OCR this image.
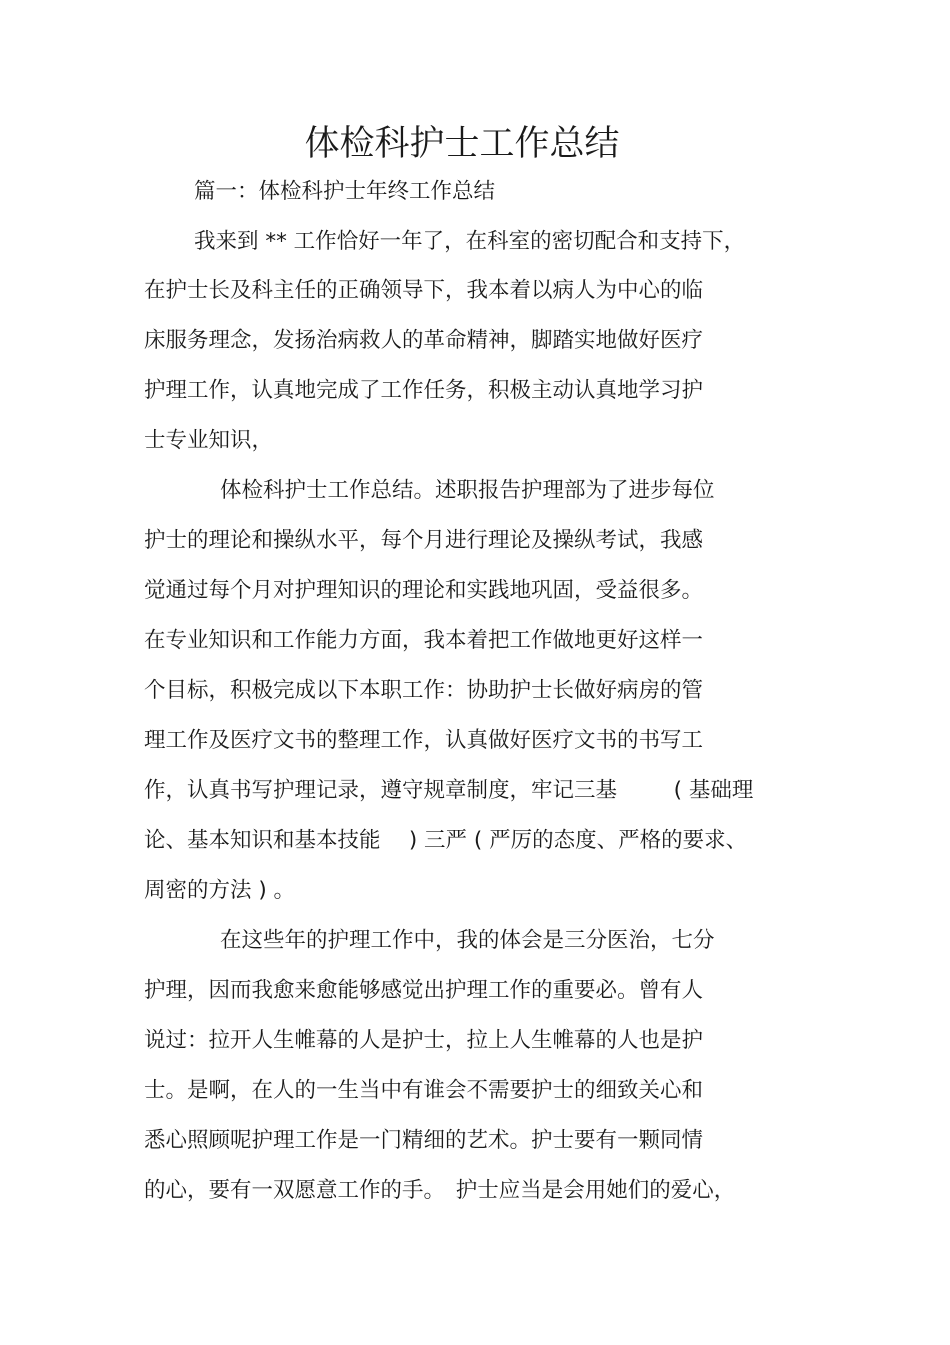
体检科护士工作总结

篇一：体检科护士年终工作总结

我来到 ** 工作恰好一年了，在科室的密切配合和支持下，

在护士长及科主任的正确领导下，我本着以病人为中心的临

床服务理念，发扬治病救人的革命精神，脚踏实地做好医疗

护理工作，认真地完成了工作任务，积极主动认真地学习护

士专业知识，

体检科护士工作总结。述职报告护理部为了进步每位

护士的理论和操纵水平，每个月进行理论及操纵考试，我感

觉通过每个月对护理知识的理论和实践地巩固，受益很多。

在专业知识和工作能力方面，我本着把工作做地更好这样一

个目标，积极完成以下本职工作：协助护士长做好病房的管

理工作及医疗文书的整理工作，认真做好医疗文书的书写工

作，认真书写护理记录，遵守规章制度，牢记三基　　  ( 基础理

论、基本知识和基本技能　 ) 三严 ( 严厉的态度、严格的要求、

周密的方法 ) 。

在这些年的护理工作中，我的体会是三分医治，七分

护理，因而我愈来愈能够感觉出护理工作的重要必。曾有人

说过：拉开人生帷幕的人是护士，拉上人生帷幕的人也是护

士。是啊，在人的一生当中有谁会不需要护士的细致关心和

悉心照顾呢护理工作是一门精细的艺术。护士要有一颗同情

的心，要有一双愿意工作的手。　护士应当是会用她们的爱心，
